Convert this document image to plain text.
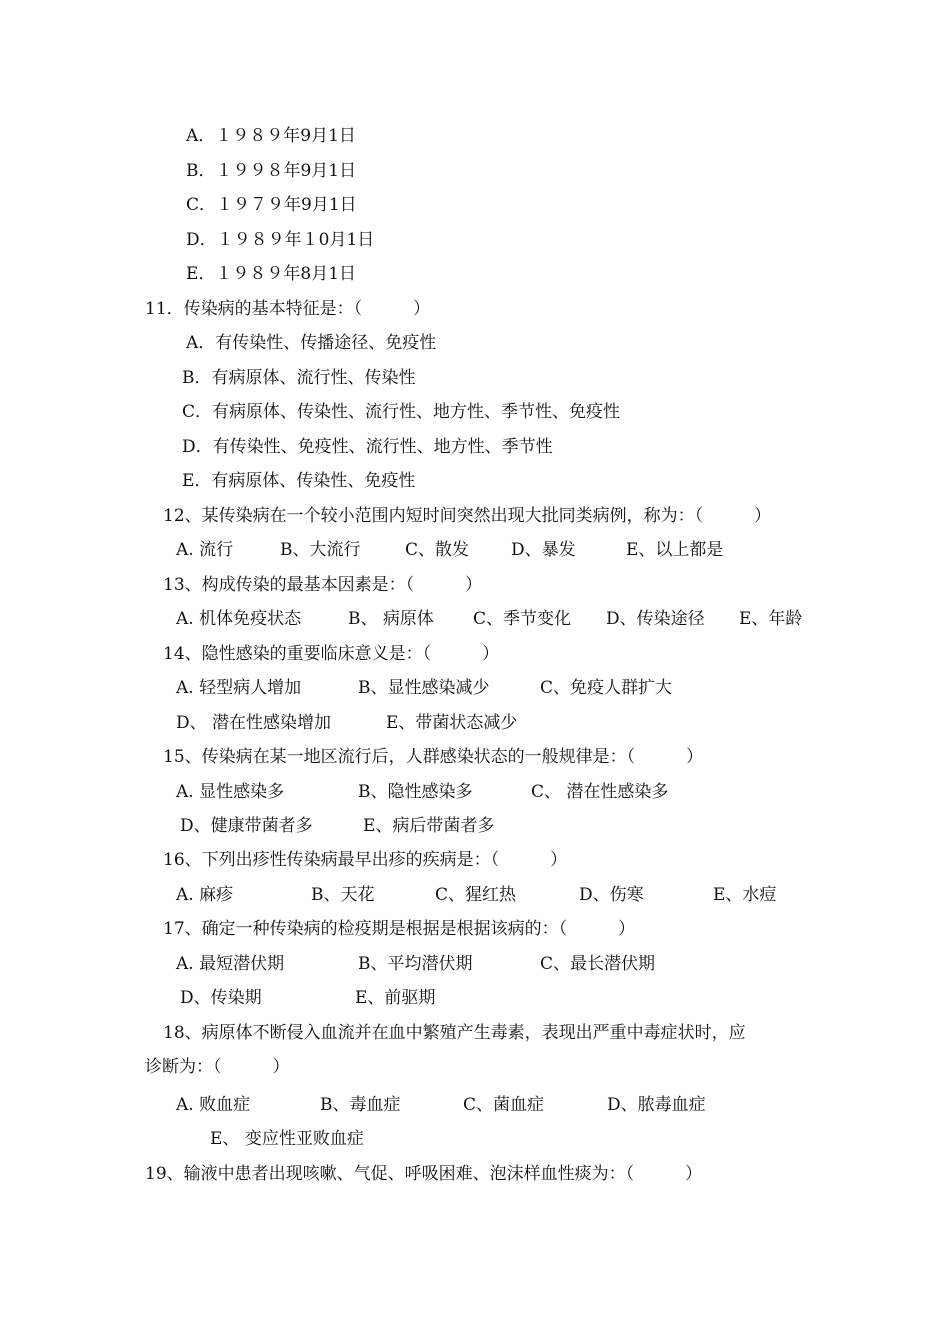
A．１９８９年9月1日
B．１９９８年9月1日
C．１９７９年9月1日
D．１９８９年１0月1日
E．１９８９年8月1日
11．传染病的基本特征是：（　　　）
A．有传染性、传播途径、免疫性
B．有病原体、流行性、传染性
C．有病原体、传染性、流行性、地方性、季节性、免疫性
D．有传染性、免疫性、流行性、地方性、季节性
E．有病原体、传染性、免疫性
12、某传染病在一个较小范围内短时间突然出现大批同类病例，称为：（　　　）

A. 流行

	B、大流行

	C、散发

D、暴发

	E、以上都是

13、构成传染的最基本因素是：（　　　）

A. 机体免疫状态

	B、 病原体

C、季节变化

D、传染途径

E、年龄

14、隐性感染的重要临床意义是：（　　　）

A. 轻型病人增加

	B、显性感染减少

	C、免疫人群扩大

D、 潜在性感染增加

	E、带菌状态减少

15、传染病在某一地区流行后，人群感染状态的一般规律是：（　　　）

A. 显性感染多

	B、隐性感染多

	C、 潜在性感染多

D、健康带菌者多

	E、病后带菌者多

16、下列出疹性传染病最早出疹的疾病是：（　　　）

A. 麻疹

	B、天花

	C、猩红热

	D、伤寒

	E、水痘

17、确定一种传染病的检疫期是根据是根据该病的：（　　　）

A. 最短潜伏期

	B、平均潜伏期

	C、最长潜伏期

D、传染期

	E、前驱期

18、病原体不断侵入血流并在血中繁殖产生毒素，表现出严重中毒症状时，应
诊断为：（　　　）

A. 败血症

	B、毒血症

	C、菌血症

	D、脓毒血症

E、 变应性亚败血症
19、输液中患者出现咳嗽、气促、呼吸困难、泡沫样血性痰为：（　　　）
